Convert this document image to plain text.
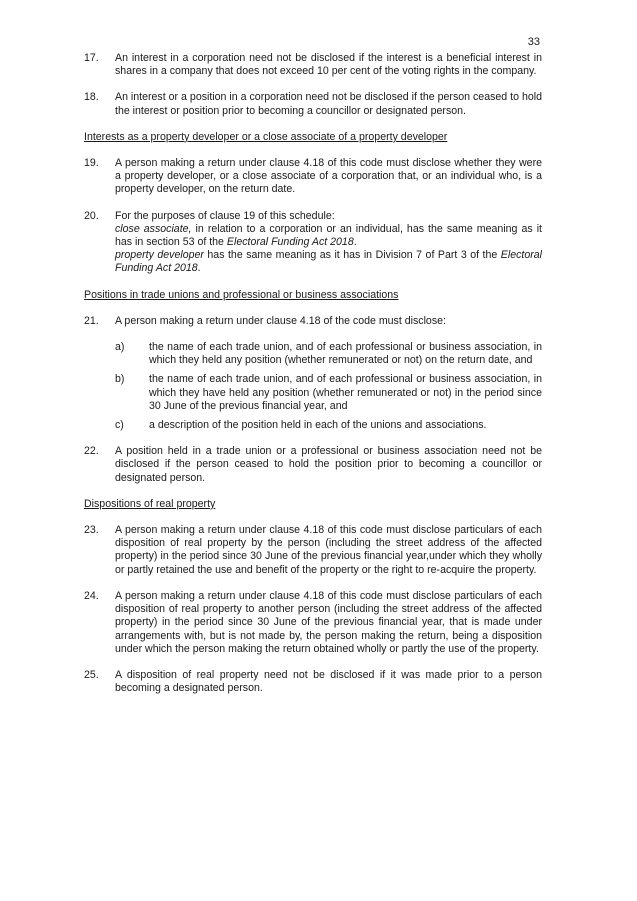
33
17.	An interest in a corporation need not be disclosed if the interest is a beneficial interest in shares in a company that does not exceed 10 per cent of the voting rights in the company.

18.	An interest or a position in a corporation need not be disclosed if the person ceased to hold the interest or position prior to becoming a councillor or designated person.

Interests as a property developer or a close associate of a property developer
19.	A person making a return under clause 4.18 of this code must disclose whether they were a property developer, or a close associate of a corporation that, or an individual who, is a property developer, on the return date.

20.	For the purposes of clause 19 of this schedule:

close associate, in relation to a corporation or an individual, has the same meaning as it has in section 53 of the Electoral Funding Act 2018.

property developer has the same meaning as it has in Division 7 of Part 3 of the Electoral Funding Act 2018.

Positions in trade unions and professional or business associations
21.	A person making a return under clause 4.18 of the code must disclose:

a)	the name of each trade union, and of each professional or business association, in which they held any position (whether remunerated or not) on the return date, and
b)	the name of each trade union, and of each professional or business association, in which they have held any position (whether remunerated or not) in the period since 30 June of the previous financial year, and
c)	a description of the position held in each of the unions and associations.
22.	A position held in a trade union or a professional or business association need not be disclosed if the person ceased to hold the position prior to becoming a councillor or designated person.

Dispositions of real property
23.	A person making a return under clause 4.18 of this code must disclose particulars of each disposition of real property by the person (including the street address of the affected property) in the period since 30 June of the previous financial year,under which they wholly or partly retained the use and benefit of the property or the right to re-acquire the property.

24.	A person making a return under clause 4.18 of this code must disclose particulars of each disposition of real property to another person (including the street address of the affected property) in the period since 30 June of the previous financial year, that is made under arrangements with, but is not made by, the person making the return, being a disposition under which the person making the return obtained wholly or partly the use of the property.

25.	A disposition of real property need not be disclosed if it was made prior to a person becoming a designated person.
